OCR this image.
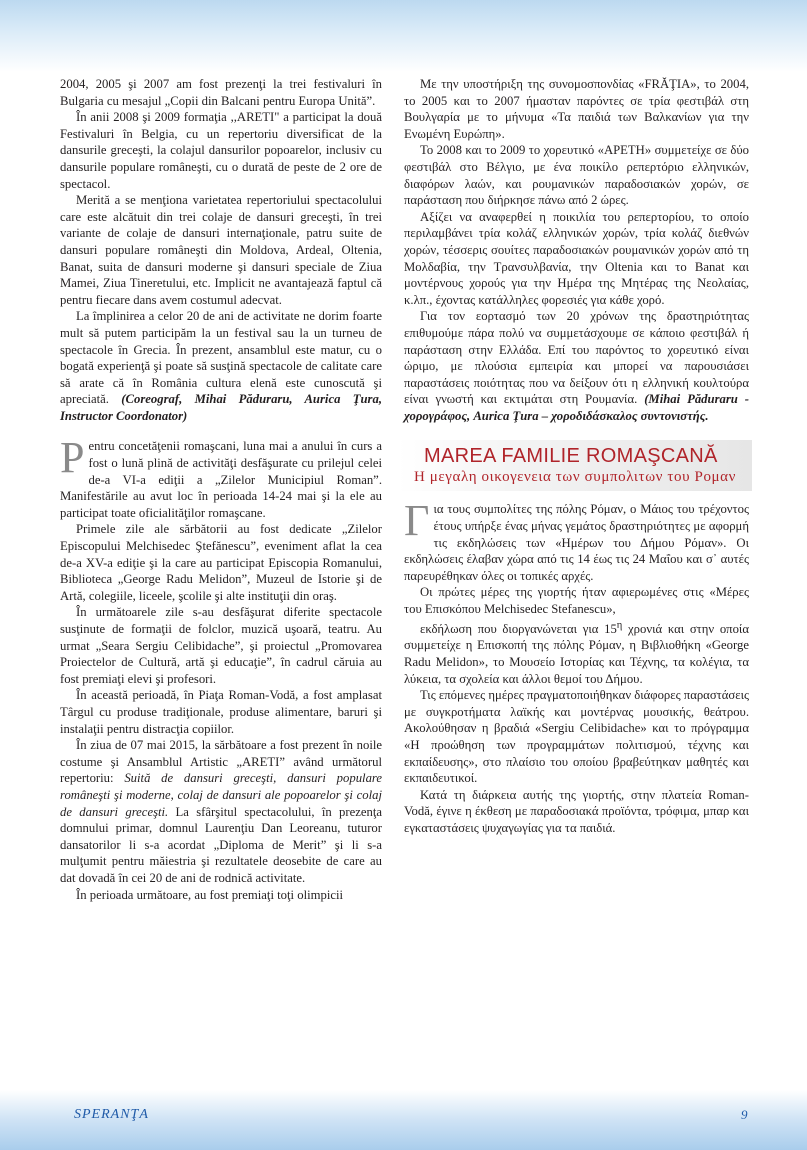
2004, 2005 şi 2007 am fost prezenţi la trei festivaluri în Bulgaria cu mesajul „Copii din Balcani pentru Europa Unită”.

În anii 2008 şi 2009 formaţia ,,ARETI" a participat la două Festivaluri în Belgia, cu un repertoriu diversificat de la dansurile greceşti, la colajul dansurilor popoarelor, inclusiv cu dansurile populare româneşti, cu o durată de peste de 2 ore de spectacol.

Merită a se menţiona varietatea repertoriului spectacolului care este alcătuit din trei colaje de dansuri greceşti, în trei variante de colaje de dansuri internaţionale, patru suite de dansuri populare româneşti din Moldova, Ardeal, Oltenia, Banat, suita de dansuri moderne şi dansuri speciale de Ziua Mamei, Ziua Tineretului, etc. Implicit ne avantajează faptul că pentru fiecare dans avem costumul adecvat.

La împlinirea a celor 20 de ani de activitate ne dorim foarte mult să putem participăm la un festival sau la un turneu de spectacole în Grecia. În prezent, ansamblul este matur, cu o bogată experienţă şi poate să susţină spectacole de calitate care să arate că în România cultura elenă este cunoscută şi apreciată. (Coreograf, Mihai Păduraru, Aurica Ţura, Instructor Coordonator)

Pentru concetăţenii romaşcani, luna mai a anului în curs a fost o lună plină de activităţi desfăşurate cu prilejul celei de-a VI-a ediţii a „Zilelor Municipiul Roman”. Manifestările au avut loc în perioada 14-24 mai şi la ele au participat toate oficialităţilor romaşcane.

Primele zile ale sărbătorii au fost dedicate „Zilelor Episcopului Melchisedec Ştefănescu”, eveniment aflat la cea de-a XV-a ediţie şi la care au participat Episcopia Romanului, Biblioteca „George Radu Melidon”, Muzeul de Istorie şi de Artă, colegiile, liceele, şcolile şi alte instituţii din oraş.

În următoarele zile s-au desfăşurat diferite spectacole susţinute de formaţii de folclor, muzică uşoară, teatru. Au urmat „Seara Sergiu Celibidache”, şi proiectul „Promovarea Proiectelor de Cultură, artă şi educaţie”, în cadrul căruia au fost premiaţi elevi şi profesori.

În această perioadă, în Piaţa Roman-Vodă, a fost amplasat Târgul cu produse tradiţionale, produse alimentare, baruri şi instalaţii pentru distracţia copiilor.

În ziua de 07 mai 2015, la sărbătoare a fost prezent în noile costume şi Ansamblul Artistic „ARETI” având următorul repertoriu: Suită de dansuri greceşti, dansuri populare româneşti şi moderne, colaj de dansuri ale popoarelor şi colaj de dansuri greceşti. La sfârşitul spectacolului, în prezenţa domnului primar, domnul Laurenţiu Dan Leoreanu, tuturor dansatorilor li s-a acordat „Diploma de Merit” şi li s-a mulţumit pentru măiestria şi rezultatele deosebite de care au dat dovadă în cei 20 de ani de rodnică activitate.

În perioada următoare, au fost premiaţi toţi olimpicii

Με την υποστήριξη της συνομοσπονδίας «FRĂŢIA», το 2004, το 2005 και το 2007 ήμασταν παρόντες σε τρία φεστιβάλ στη Βουλγαρία με το μήνυμα «Τα παιδιά των Βαλκανίων για την Ενωμένη Ευρώπη».

Το 2008 και το 2009 το χορευτικό «ΑΡΕΤΗ» συμμετείχε σε δύο φεστιβάλ στο Βέλγιο, με ένα ποικίλο ρεπερτόριο ελληνικών, διαφόρων λαών, και ρουμανικών παραδοσιακών χορών, σε παράσταση που διήρκησε πάνω από 2 ώρες.

Αξίζει να αναφερθεί η ποικιλία του ρεπερτορίου, το οποίο περιλαμβάνει τρία κολάζ ελληνικών χορών, τρία κολάζ διεθνών χορών, τέσσερις σουίτες παραδοσιακών ρουμανικών χορών από τη Μολδαβία, την Τρανσυλβανία, την Oltenia και το Banat και μοντέρνους χορούς για την Ημέρα της Μητέρας της Νεολαίας, κ.λπ., έχοντας κατάλληλες φορεσιές για κάθε χορό.

Για τον εορτασμό των 20 χρόνων της δραστηριότητας επιθυμούμε πάρα πολύ να συμμετάσχουμε σε κάποιο φεστιβάλ ή παράσταση στην Ελλάδα. Επί του παρόντος το χορευτικό είναι ώριμο, με πλούσια εμπειρία και μπορεί να παρουσιάσει παραστάσεις ποιότητας που να δείξουν ότι η ελληνική κουλτούρα είναι γνωστή και εκτιμάται στη Ρουμανία. (Mihai Păduraru - χορογράφος, Aurica Ţura – χοροδιδάσκαλος συντονιστής.

MAREA FAMILIE ROMAŞCANĂ
Η μεγαλη οικογενεια των συμπολιτων του Ρομαν

Για τους συμπολίτες της πόλης Ρόμαν, ο Μάιος του τρέχοντος έτους υπήρξε ένας μήνας γεμάτος δραστηριότητες με αφορμή τις εκδηλώσεις των «Ημέρων του Δήμου Ρόμαν». Οι εκδηλώσεις έλαβαν χώρα από τις 14 έως τις 24 Μαΐου και σ᾽ αυτές παρευρέθηκαν όλες οι τοπικές αρχές.

Οι πρώτες μέρες της γιορτής ήταν αφιερωμένες στις «Μέρες του Επισκόπου Melchisedec Stefanescu»,

εκδήλωση που διοργανώνεται για $15^\eta$ χρονιά και στην οποία συμμετείχε η Επισκοπή της πόλης Ρόμαν, η Βιβλιοθήκη «George Radu Melidon», το Μουσείο Ιστορίας και Τέχνης, τα κολέγια, τα λύκεια, τα σχολεία και άλλοι θεμοί του Δήμου.

Τις επόμενες ημέρες πραγματοποιήθηκαν διάφορες παραστάσεις με συγκροτήματα λαϊκής και μοντέρνας μουσικής, θεάτρου. Ακολούθησαν η βραδιά «Sergiu Celibidache» και το πρόγραμμα «Η προώθηση των προγραμμάτων πολιτισμού, τέχνης και εκπαίδευσης», στο πλαίσιο του οποίου βραβεύτηκαν μαθητές και εκπαιδευτικοί.

Κατά τη διάρκεια αυτής της γιορτής, στην πλατεία Roman-Vodă, έγινε η έκθεση με παραδοσιακά προϊόντα, τρόφιμα, μπαρ και εγκαταστάσεις ψυχαγωγίας για τα παιδιά.

SPERANŢA	9
